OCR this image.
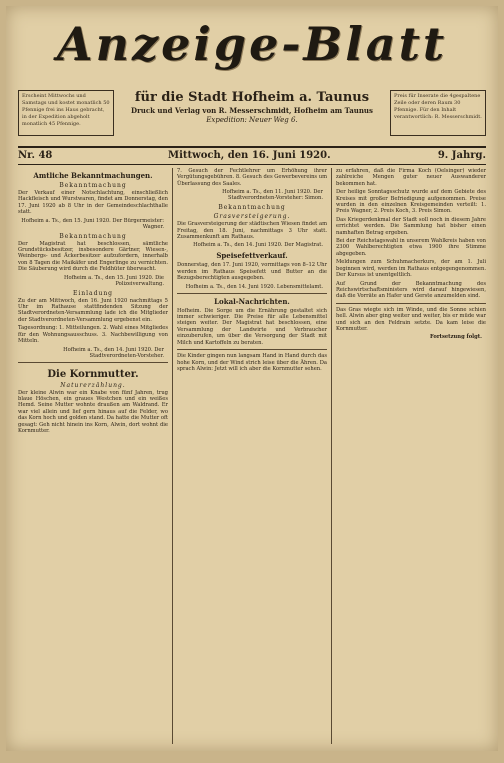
Anzeige-Blatt
Erscheint Mittwochs und Samstags und kostet monatlich 50 Pfennige frei ins Haus gebracht, in der Expedition abgeholt monatlich 45 Pfennige.
für die Stadt Hofheim a. Taunus
Druck und Verlag von R. Messerschmidt, Hofheim am Taunus
Expedition: Neuer Weg 6.
Preis für Inserate die 4gespaltene Zeile oder deren Raum 30 Pfennige. Für den Inhalt verantwortlich: R. Messerschmidt.
Nr. 48	Mittwoch, den 16. Juni 1920.	9. Jahrg.
Amtliche Bekanntmachungen.
Bekanntmachung

Der Verkauf einer Notschlachtung, einschließlich Hackfleisch und Wurstwaren, findet am Donnerstag, den 17. Juni 1920 ab 8 Uhr in der Gemeindeschlachthalle statt.

Hofheim a. Ts., den 15. Juni 1920. Der Bürgermeister: Wagner.
Bekanntmachung

Der Magistrat hat beschlossen, sämtliche Grundstücksbesitzer, insbesondere Gärtner, Wiesen-, Weinbergs- und Äckerbesitzer aufzufordern, innerhalb von 8 Tagen die Maikäfer und Engerlinge zu vernichten. Die Säuberung wird durch die Feldhüter überwacht.

Hofheim a. Ts., den 15. Juni 1920. Die Polizeiverwaltung.
Einladung

Zu der am Mittwoch, den 16. Juni 1920 nachmittags 5 Uhr im Rathause stattfindenden Sitzung der Stadtverordneten-Versammlung lade ich die Mitglieder der Stadtverordneten-Versammlung ergebenst ein.

Tagesordnung: 1. Mitteilungen. 2. Wahl eines Mitgliedes für den Wohnungsausschuss. 3. Nachbewilligung von Mitteln.

Hofheim a. Ts., den 14. Juni 1920. Der Stadtverordneten-Vorsteher.
Die Kornmutter.
Naturerzählung.

Der kleine Alwin war ein Knabe von fünf Jahren, trug blaue Höschen, ein graues Westchen und ein weißes Hemd. Seine Mutter wohnte draußen am Waldrand. Er war viel allein und lief gern hinaus auf die Felder, wo das Korn hoch und golden stand. Da hatte die Mutter oft gesagt: Geh nicht hinein ins Korn, Alwin, dort wohnt die Kornmutter.

7. Gesuch der Fechtlehrer um Erhöhung ihrer Vergütungsgebühren. 8. Gesuch des Gewerbevereins um Überlassung des Saales.

Hofheim a. Ts., den 11. Juni 1920. Der Stadtverordneten-Vorsteher: Simon.
Bekanntmachung
Grasversteigerung.

Die Grasversteigerung der städtischen Wiesen findet am Freitag, den 18. Juni, nachmittags 3 Uhr statt. Zusammenkunft am Rathaus.

Hofheim a. Ts., den 14. Juni 1920. Der Magistrat.
Speisefettverkauf.

Donnerstag, den 17. Juni 1920, vormittags von 8–12 Uhr werden im Rathaus Speisefett und Butter an die Bezugsberechtigten ausgegeben.

Hofheim a. Ts., den 14. Juni 1920. Lebensmittelamt.
Lokal-Nachrichten.

Hofheim. Die Sorge um die Ernährung gestaltet sich immer schwieriger. Die Preise für alle Lebensmittel steigen weiter. Der Magistrat hat beschlossen, eine Versammlung der Landwirte und Verbraucher einzuberufen, um über die Versorgung der Stadt mit Milch und Kartoffeln zu beraten.

Die Kinder gingen nun langsam Hand in Hand durch das hohe Korn, und der Wind strich leise über die Ähren. Da sprach Alwin: Jetzt will ich aber die Kornmutter sehen.

zu erfahren, daß die Firma Koch (Oelsinger) wieder zahlreiche Mengen guter neuer Auswanderer bekommen hat.

Der heilige Sonntagsschutz wurde auf dem Gebiete des Kreises mit großer Befriedigung aufgenommen. Preise wurden in den einzelnen Kreisgemeinden verteilt: 1. Preis Wagner, 2. Preis Koch, 3. Preis Simon.

Das Kriegerdenkmal der Stadt soll noch in diesem Jahre errichtet werden. Die Sammlung hat bisher einen namhaften Betrag ergeben.

Bei der Reichstagswahl in unserem Wahlkreis haben von 2300 Wahlberechtigten etwa 1900 ihre Stimme abgegeben.

Meldungen zum Schuhmacherkurs, der am 1. Juli beginnen wird, werden im Rathaus entgegengenommen. Der Kursus ist unentgeltlich.

Auf Grund der Bekanntmachung des Reichswirtschaftsministers wird darauf hingewiesen, daß die Vorräte an Hafer und Gerste anzumelden sind.

Das Gras wiegte sich im Winde, und die Sonne schien hell. Alwin aber ging weiter und weiter, bis er müde war und sich an den Feldrain setzte. Da kam leise die Kornmutter.

Fortsetzung folgt.
